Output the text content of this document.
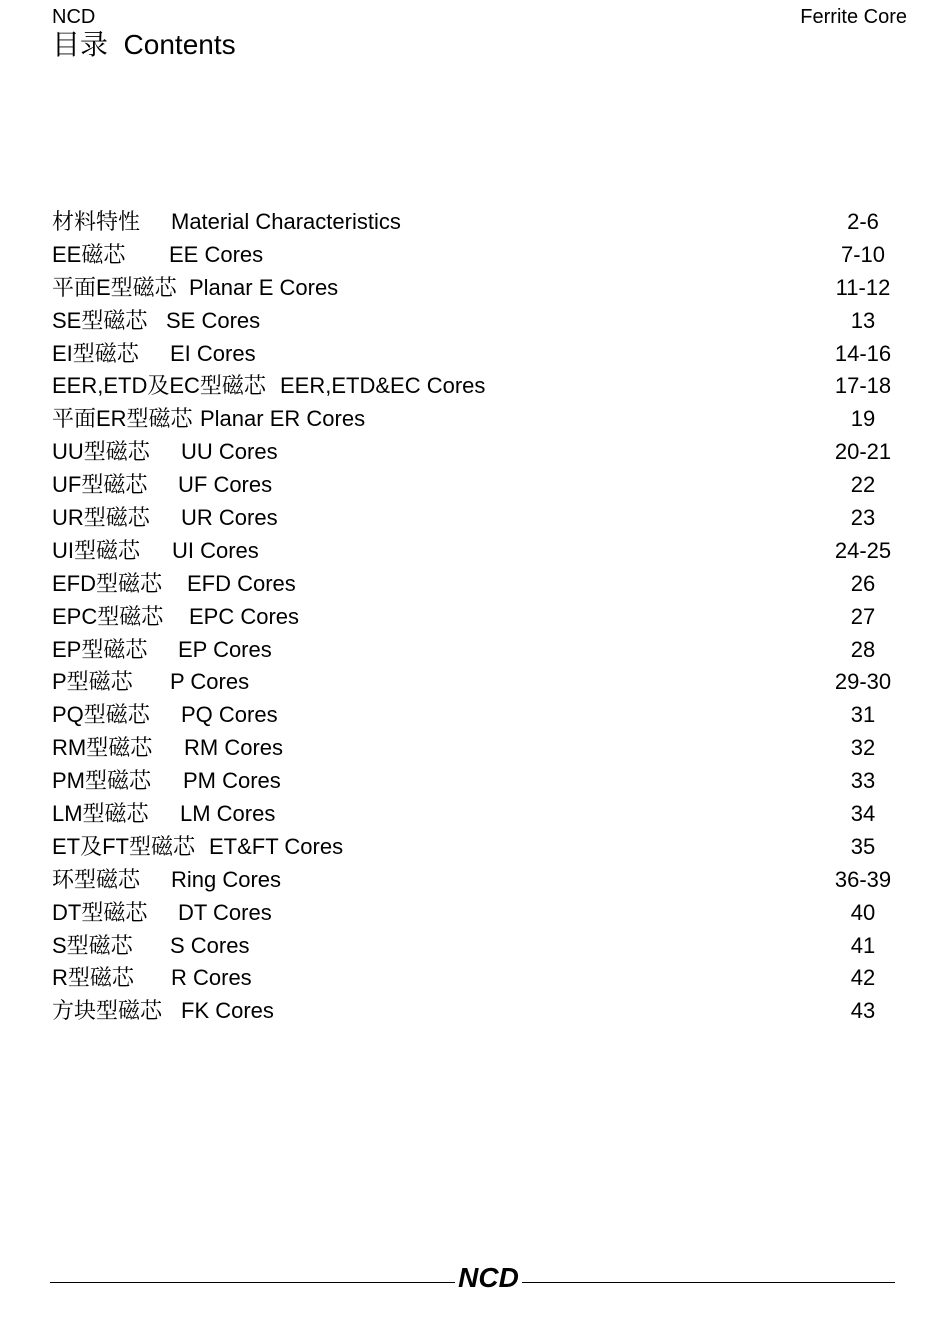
NCD	Ferrite Core
目录  Contents
材料特性 Material Characteristics	2-6
EE磁芯 EE Cores	7-10
平面E型磁芯 Planar E Cores	11-12
SE型磁芯 SE Cores	13
EI型磁芯 EI Cores	14-16
EER,ETD及EC型磁芯 EER,ETD&EC Cores	17-18
平面ER型磁芯 Planar ER Cores	19
UU型磁芯 UU Cores	20-21
UF型磁芯 UF Cores	22
UR型磁芯 UR Cores	23
UI型磁芯 UI Cores	24-25
EFD型磁芯 EFD Cores	26
EPC型磁芯 EPC Cores	27
EP型磁芯 EP Cores	28
P型磁芯 P Cores	29-30
PQ型磁芯 PQ Cores	31
RM型磁芯 RM Cores	32
PM型磁芯 PM Cores	33
LM型磁芯 LM Cores	34
ET及FT型磁芯 ET&FT Cores	35
环型磁芯 Ring Cores	36-39
DT型磁芯 DT Cores	40
S型磁芯 S Cores	41
R型磁芯 R Cores	42
方块型磁芯 FK Cores	43
NCD
